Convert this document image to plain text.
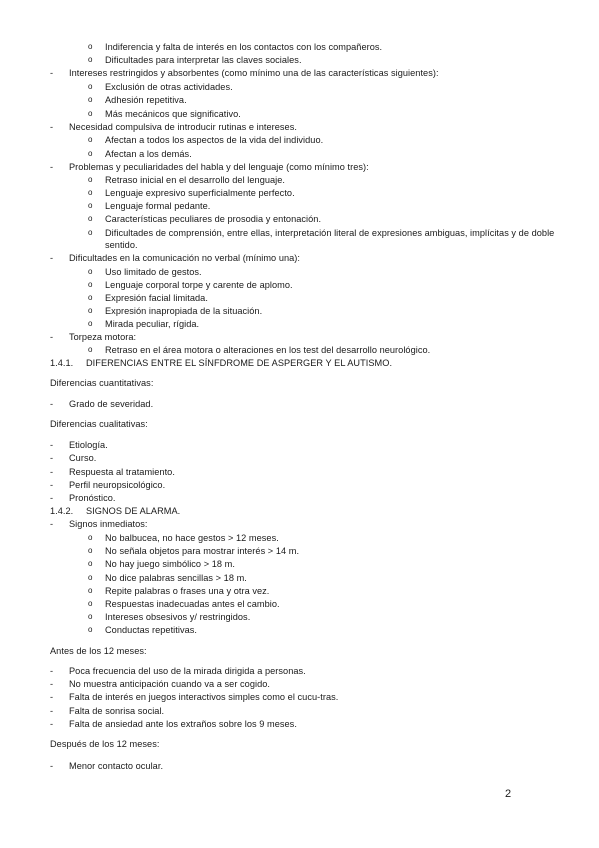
o Indiferencia y falta de interés en los contactos con los compañeros.
o Dificultades para interpretar las claves sociales.
- Intereses restringidos y absorbentes (como mínimo una de las características siguientes):
o Exclusión de otras actividades.
o Adhesión repetitiva.
o Más mecánicos que significativo.
- Necesidad compulsiva de introducir rutinas e intereses.
o Afectan a todos los aspectos de la vida del individuo.
o Afectan a los demás.
- Problemas y peculiaridades del habla y del lenguaje (como mínimo tres):
o Retraso inicial en el desarrollo del lenguaje.
o Lenguaje expresivo superficialmente perfecto.
o Lenguaje formal pedante.
o Características peculiares de prosodia y entonación.
o Dificultades de comprensión, entre ellas, interpretación literal de expresiones ambiguas, implícitas y de doble
sentido.
- Dificultades en la comunicación no verbal (mínimo una):
o Uso limitado de gestos.
o Lenguaje corporal torpe y carente de aplomo.
o Expresión facial limitada.
o Expresión inapropiada de la situación.
o Mirada peculiar, rígida.
- Torpeza motora:
o Retraso en el área motora o alteraciones en los test del desarrollo neurológico.
1.4.1. DIFERENCIAS ENTRE EL SÍNFDROME DE ASPERGER Y EL AUTISMO.
Diferencias cuantitativas:
- Grado de severidad.
Diferencias cualitativas:
- Etiología.
- Curso.
- Respuesta al tratamiento.
- Perfil neuropsicológico.
- Pronóstico.
1.4.2. SIGNOS DE ALARMA.
- Signos inmediatos:
o No balbucea, no hace gestos > 12 meses.
o No señala objetos para mostrar interés > 14 m.
o No hay juego simbólico > 18 m.
o No dice palabras sencillas > 18 m.
o Repite palabras o frases una y otra vez.
o Respuestas inadecuadas antes el cambio.
o Intereses obsesivos y/ restringidos.
o Conductas repetitivas.
Antes de los 12 meses:
- Poca frecuencia del uso de la mirada dirigida a personas.
- No muestra anticipación cuando va a ser cogido.
- Falta de interés en juegos interactivos simples como el cucu-tras.
- Falta de sonrisa social.
- Falta de ansiedad ante los extraños sobre los 9 meses.
Después de los 12 meses:
- Menor contacto ocular.
2
